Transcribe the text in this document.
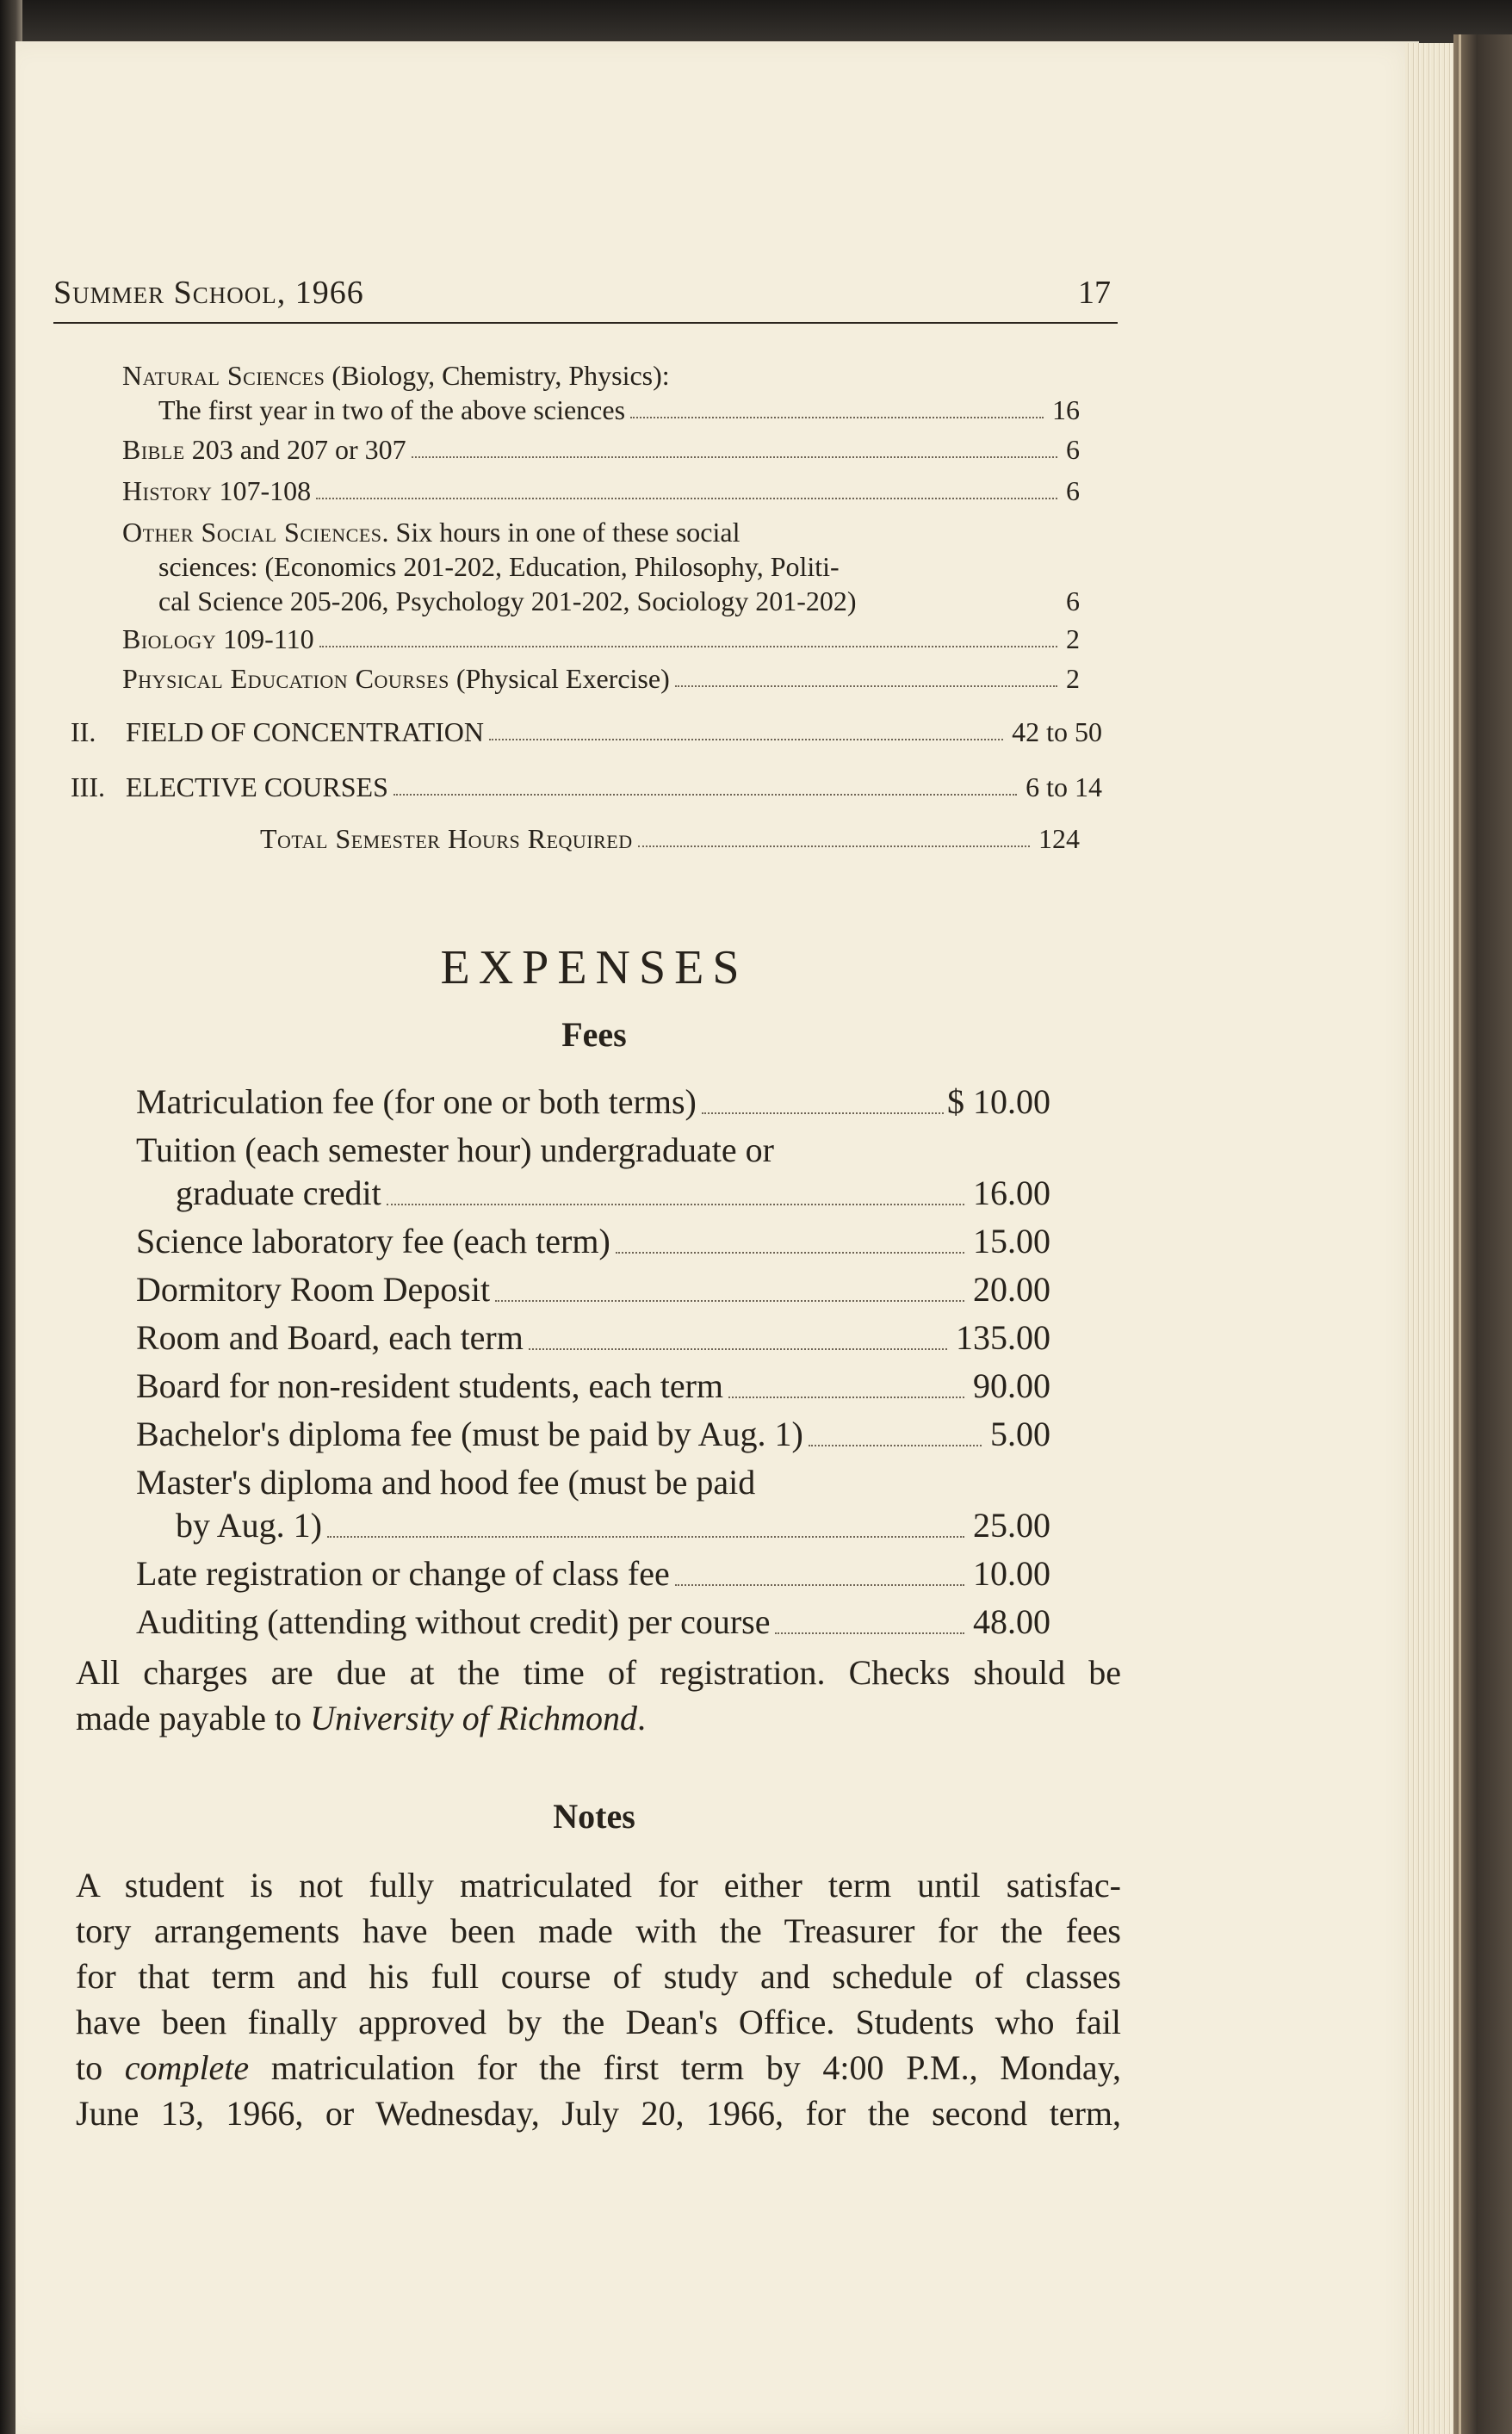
Summer School, 1966	17
Natural Sciences (Biology, Chemistry, Physics):
The first year in two of the above sciences	16
Bible 203 and 207 or 307	6
History 107-108	6
Other Social Sciences. Six hours in one of these social
sciences: (Economics 201-202, Education, Philosophy, Politi-
cal Science 205-206, Psychology 201-202, Sociology 201-202)	6
Biology 109-110	2
Physical Education Courses (Physical Exercise)	2
II. FIELD OF CONCENTRATION	42 to 50
III. ELECTIVE COURSES	6 to 14
Total Semester Hours Required	124
EXPENSES
Fees
Matriculation fee (for one or both terms)	$ 10.00
Tuition (each semester hour) undergraduate or
graduate credit	16.00
Science laboratory fee (each term)	15.00
Dormitory Room Deposit	20.00
Room and Board, each term	135.00
Board for non-resident students, each term	90.00
Bachelor's diploma fee (must be paid by Aug. 1)	5.00
Master's diploma and hood fee (must be paid
by Aug. 1)	25.00
Late registration or change of class fee	10.00
Auditing (attending without credit) per course	48.00
All charges are due at the time of registration. Checks should be
made payable to University of Richmond.
Notes
A student is not fully matriculated for either term until satisfac-
tory arrangements have been made with the Treasurer for the fees
for that term and his full course of study and schedule of classes
have been finally approved by the Dean's Office. Students who fail
to complete matriculation for the first term by 4:00 P.M., Monday,
June 13, 1966, or Wednesday, July 20, 1966, for the second term,
